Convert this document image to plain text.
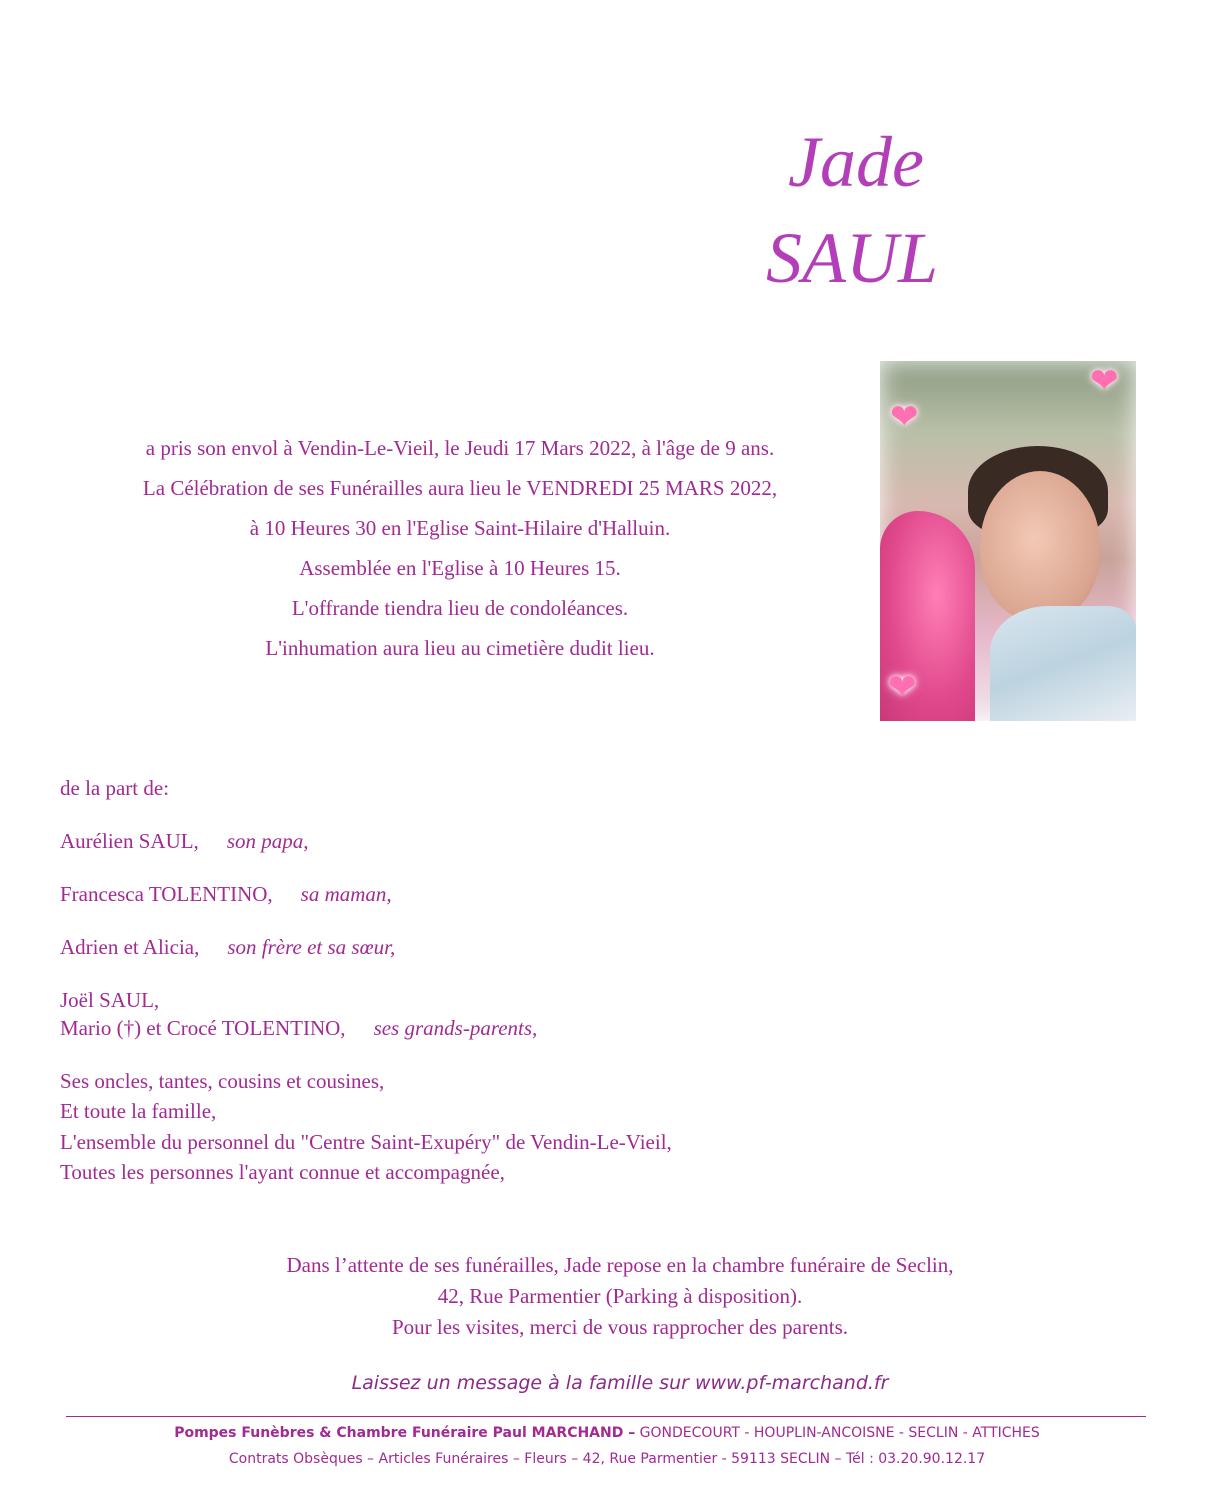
Jade
SAUL
a pris son envol à Vendin-Le-Vieil, le Jeudi 17 Mars 2022, à l'âge de 9 ans.
La Célébration de ses Funérailles aura lieu le VENDREDI 25 MARS 2022,
à 10 Heures 30 en l'Eglise Saint-Hilaire d'Halluin.
Assemblée en l'Eglise à 10 Heures 15.
L'offrande tiendra lieu de condoléances.
L'inhumation aura lieu au cimetière dudit lieu.
❤
❤
❤
de la part de:
Aurélien SAUL, son papa,
Francesca TOLENTINO, sa maman,
Adrien et Alicia, son frère et sa sœur,
Joël SAUL,
Mario (†) et Crocé TOLENTINO, ses grands-parents,
Ses oncles, tantes, cousins et cousines,
Et toute la famille,
L'ensemble du personnel du "Centre Saint-Exupéry" de Vendin-Le-Vieil,
Toutes les personnes l'ayant connue et accompagnée,
Dans l’attente de ses funérailles, Jade repose en la chambre funéraire de Seclin,
42, Rue Parmentier (Parking à disposition).
Pour les visites, merci de vous rapprocher des parents.
Laissez un message à la famille sur www.pf-marchand.fr
Pompes Funèbres & Chambre Funéraire Paul MARCHAND – GONDECOURT - HOUPLIN-ANCOISNE - SECLIN - ATTICHES
Contrats Obsèques – Articles Funéraires – Fleurs – 42, Rue Parmentier - 59113 SECLIN – Tél : 03.20.90.12.17
